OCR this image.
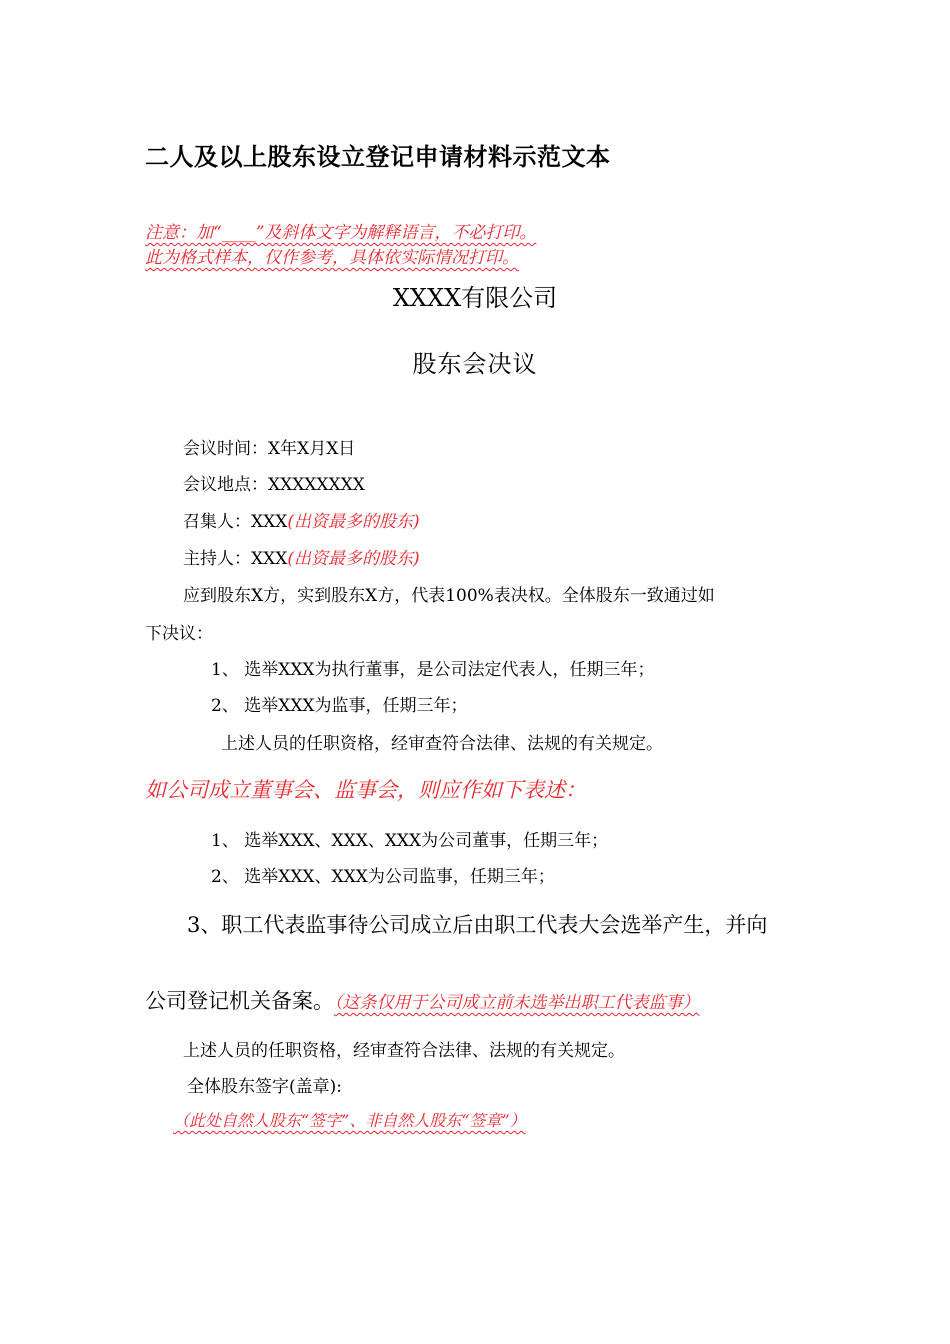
二人及以上股东设立登记申请材料示范文本
注意：加“____”及斜体文字为解释语言，不必打印。
此为格式样本，仅作参考，具体依实际情况打印。
XXXX有限公司
股东会决议
会议时间：X年X月X日
会议地点：XXXXXXXX
召集人：XXX(出资最多的股东)
主持人：XXX(出资最多的股东)
应到股东X方，实到股东X方，代表100%表决权。全体股东一致通过如
下决议：
1、 选举XXX为执行董事，是公司法定代表人，任期三年；
2、 选举XXX为监事，任期三年；
上述人员的任职资格，经审查符合法律、法规的有关规定。
如公司成立董事会、监事会，则应作如下表述：
1、 选举XXX、XXX、XXX为公司董事，任期三年；
2、 选举XXX、XXX为公司监事，任期三年；
3、职工代表监事待公司成立后由职工代表大会选举产生，并向
公司登记机关备案。（这条仅用于公司成立前未选举出职工代表监事）
上述人员的任职资格，经审查符合法律、法规的有关规定。
全体股东签字(盖章):
（此处自然人股东“签字”、非自然人股东“签章”）
